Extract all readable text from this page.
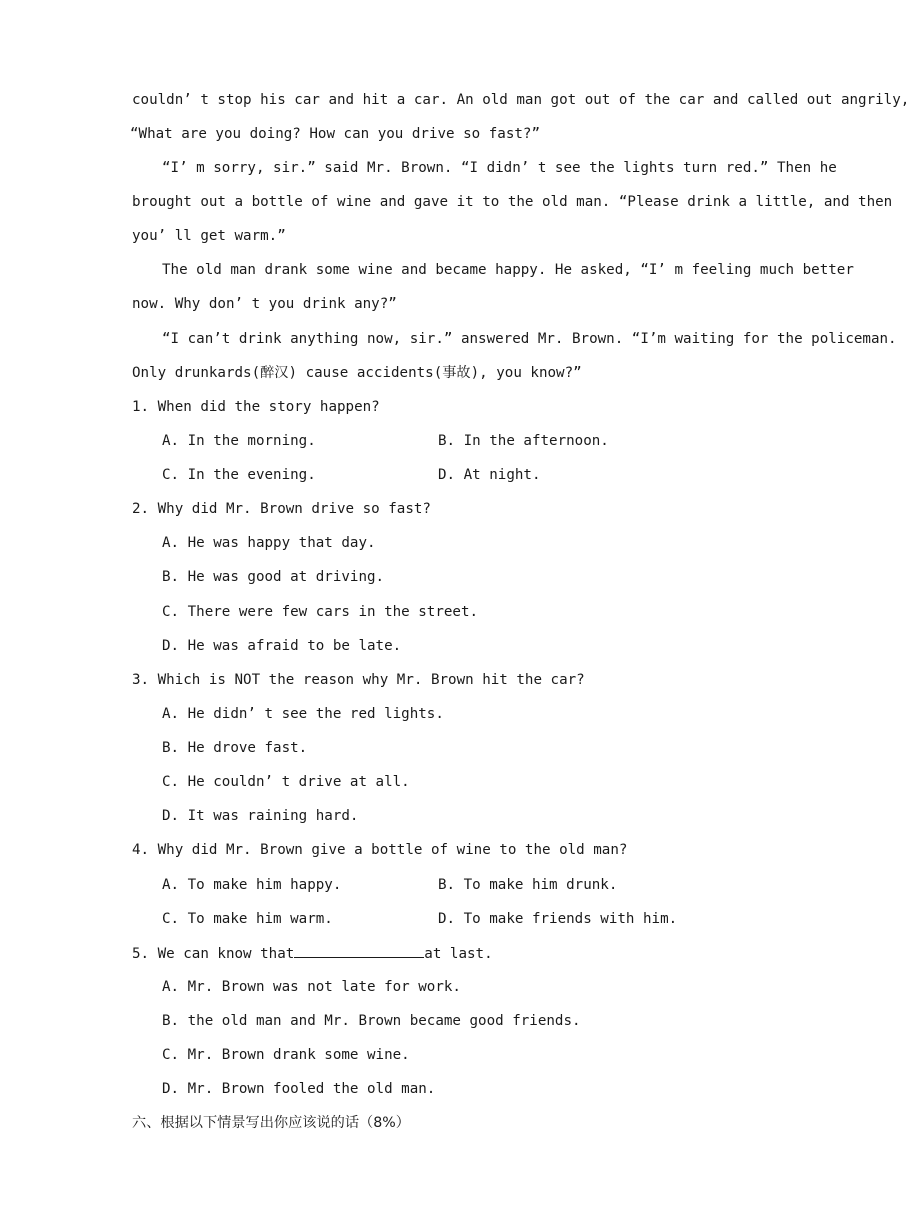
couldn’ t stop his car and hit a car. An old man got out of the car and called out angrily,
“What are you doing? How can you drive so fast?”
“I’ m sorry, sir.” said Mr. Brown. “I didn’ t see the lights turn red.” Then he
brought out a bottle of wine and gave it to the old man. “Please drink a little, and then
you’ ll get warm.”
The old man drank some wine and became happy. He asked, “I’ m feeling much better
now. Why don’ t you drink any?”
“I can’t drink anything now, sir.” answered Mr. Brown. “I’m waiting for the policeman.
Only drunkards(醉汉) cause accidents(事故), you know?”
1. When did the story happen?
A. In the morning.	B. In the afternoon.
C. In the evening.	D. At night.
2. Why did Mr. Brown drive so fast?
A. He was happy that day.
B. He was good at driving.
C. There were few cars in the street.
D. He was afraid to be late.
3. Which is NOT the reason why Mr. Brown hit the car?
A. He didn’ t see the red lights.
B. He drove fast.
C. He couldn’ t drive at all.
D. It was raining hard.
4. Why did Mr. Brown give a bottle of wine to the old man?
A. To make him happy.	B. To make him drunk.
C. To make him warm.	D. To make friends with him.
5. We can know that	at last.
A. Mr. Brown was not late for work.
B. the old man and Mr. Brown became good friends.
C. Mr. Brown drank some wine.
D. Mr. Brown fooled the old man.
六、根据以下情景写出你应该说的话（8%）
